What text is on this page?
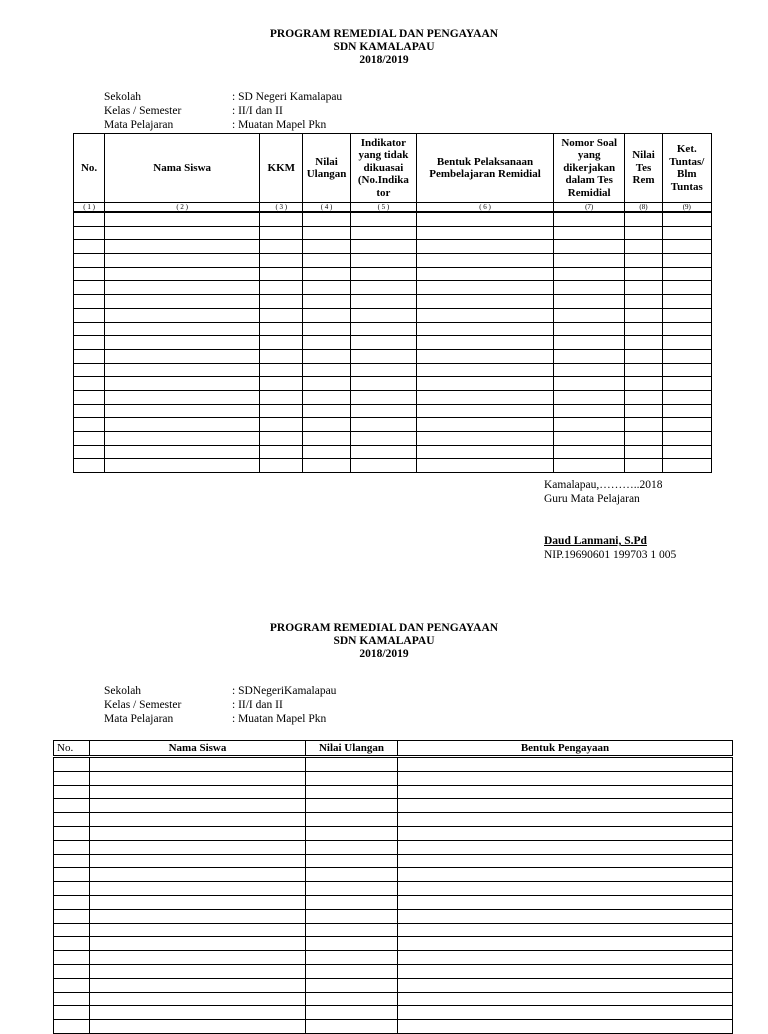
PROGRAM REMEDIAL DAN PENGAYAAN
SDN KAMALAPAU
2018/2019
Sekolah	: SD Negeri Kamalapau
Kelas / Semester	: II/I dan II
Mata Pelajaran	: Muatan Mapel Pkn
No.	Nama Siswa	KKM	Nilai Ulangan	Indikator yang tidak dikuasai (No.Indika tor	Bentuk Pelaksanaan Pembelajaran Remidial	Nomor Soal yang dikerjakan dalam Tes Remidial	Nilai Tes Rem	Ket. Tuntas/ Blm Tuntas
( 1 )	( 2 )	( 3 )	( 4 )	( 5 )	( 6 )	(7)	(8)	(9)

Kamalapau,………..2018
Guru Mata Pelajaran
Daud Lanmani, S.Pd
NIP.19690601 199703 1 005
PROGRAM REMEDIAL DAN PENGAYAAN
SDN KAMALAPAU
2018/2019
Sekolah	: SDNegeriKamalapau
Kelas / Semester	: II/I dan II
Mata Pelajaran	: Muatan Mapel Pkn
No.	Nama Siswa	Nilai Ulangan	Bentuk Pengayaan
